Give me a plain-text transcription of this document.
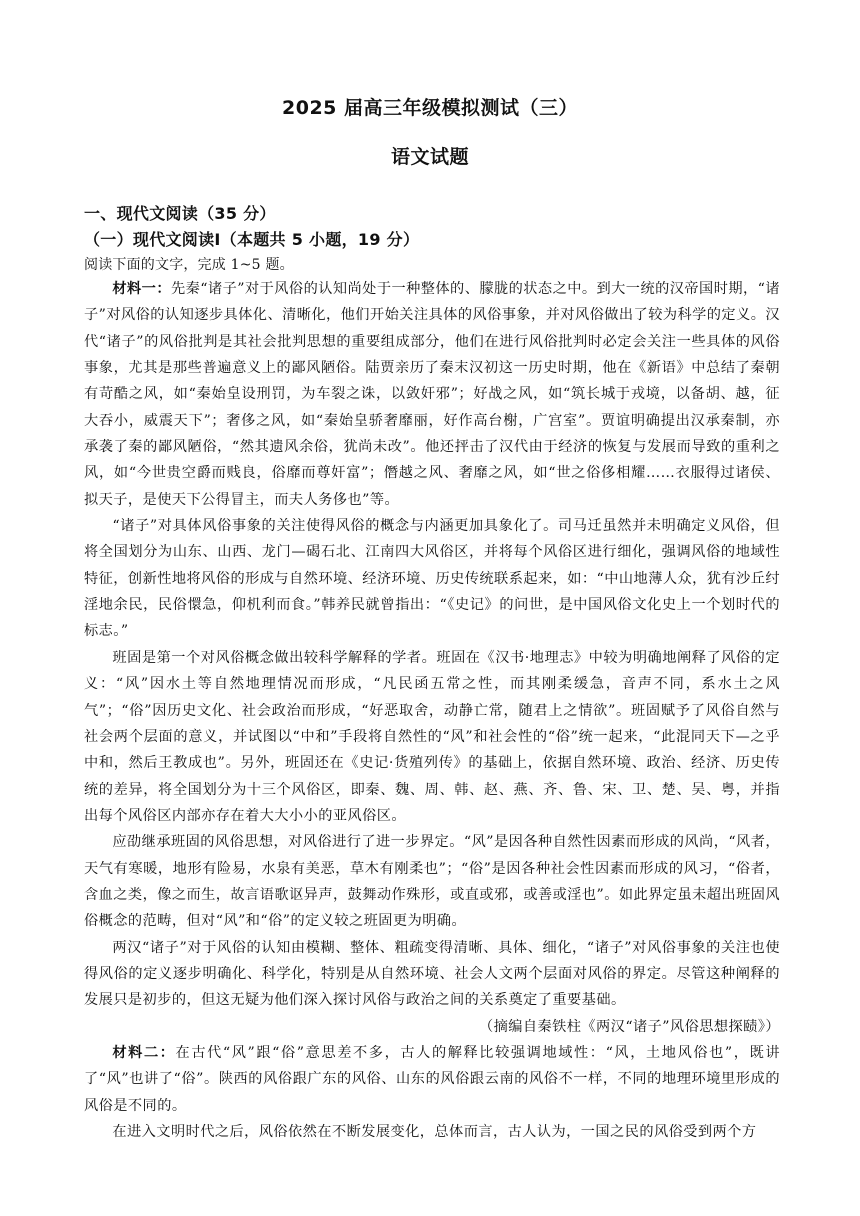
2025 届高三年级模拟测试（三）
语文试题
一、现代文阅读（35 分）
（一）现代文阅读Ⅰ（本题共 5 小题，19 分）
阅读下面的文字，完成 1~5 题。

材料一：先秦“诸子”对于风俗的认知尚处于一种整体的、朦胧的状态之中。到大一统的汉帝国时期，“诸子”对风俗的认知逐步具体化、清晰化，他们开始关注具体的风俗事象，并对风俗做出了较为科学的定义。汉代“诸子”的风俗批判是其社会批判思想的重要组成部分，他们在进行风俗批判时必定会关注一些具体的风俗事象，尤其是那些普遍意义上的鄙风陋俗。陆贾亲历了秦末汉初这一历史时期，他在《新语》中总结了秦朝有苛酷之风，如“秦始皇设刑罚，为车裂之诛，以敛奸邪”；好战之风，如“筑长城于戎境，以备胡、越，征大吞小，威震天下”；奢侈之风，如“秦始皇骄奢靡丽，好作高台榭，广宫室”。贾谊明确提出汉承秦制，亦承袭了秦的鄙风陋俗，“然其遗风余俗，犹尚未改”。他还抨击了汉代由于经济的恢复与发展而导致的重利之风，如“今世贵空爵而贱良，俗靡而尊奸富”；僭越之风、奢靡之风，如“世之俗侈相耀……衣服得过诸侯、拟天子，是使天下公得冒主，而夫人务侈也”等。

“诸子”对具体风俗事象的关注使得风俗的概念与内涵更加具象化了。司马迁虽然并未明确定义风俗，但将全国划分为山东、山西、龙门—碣石北、江南四大风俗区，并将每个风俗区进行细化，强调风俗的地域性特征，创新性地将风俗的形成与自然环境、经济环境、历史传统联系起来，如：“中山地薄人众，犹有沙丘纣淫地余民，民俗懁急，仰机利而食。”韩养民就曾指出：“《史记》的问世，是中国风俗文化史上一个划时代的标志。”

班固是第一个对风俗概念做出较科学解释的学者。班固在《汉书·地理志》中较为明确地阐释了风俗的定义：“风”因水土等自然地理情况而形成，“凡民函五常之性，而其刚柔缓急，音声不同，系水土之风气”；“俗”因历史文化、社会政治而形成，“好恶取舍，动静亡常，随君上之情欲”。班固赋予了风俗自然与社会两个层面的意义，并试图以“中和”手段将自然性的“风”和社会性的“俗”统一起来，“此混同天下—之乎中和，然后王教成也”。另外，班固还在《史记·货殖列传》的基础上，依据自然环境、政治、经济、历史传统的差异，将全国划分为十三个风俗区，即秦、魏、周、韩、赵、燕、齐、鲁、宋、卫、楚、吴、粤，并指出每个风俗区内部亦存在着大大小小的亚风俗区。

应劭继承班固的风俗思想，对风俗进行了进一步界定。“风”是因各种自然性因素而形成的风尚，“风者，天气有寒暖，地形有险易，水泉有美恶，草木有刚柔也”；“俗”是因各种社会性因素而形成的风习，“俗者，含血之类，像之而生，故言语歌讴异声，鼓舞动作殊形，或直或邪，或善或淫也”。如此界定虽未超出班固风俗概念的范畴，但对“风”和“俗”的定义较之班固更为明确。

两汉“诸子”对于风俗的认知由模糊、整体、粗疏变得清晰、具体、细化，“诸子”对风俗事象的关注也使得风俗的定义逐步明确化、科学化，特别是从自然环境、社会人文两个层面对风俗的界定。尽管这种阐释的发展只是初步的，但这无疑为他们深入探讨风俗与政治之间的关系奠定了重要基础。

（摘编自秦铁柱《两汉“诸子”风俗思想探赜》）

材料二：在古代“风”跟“俗”意思差不多，古人的解释比较强调地域性：“风，土地风俗也”，既讲了“风”也讲了“俗”。陕西的风俗跟广东的风俗、山东的风俗跟云南的风俗不一样，不同的地理环境里形成的风俗是不同的。

在进入文明时代之后，风俗依然在不断发展变化，总体而言，古人认为，一国之民的风俗受到两个方
